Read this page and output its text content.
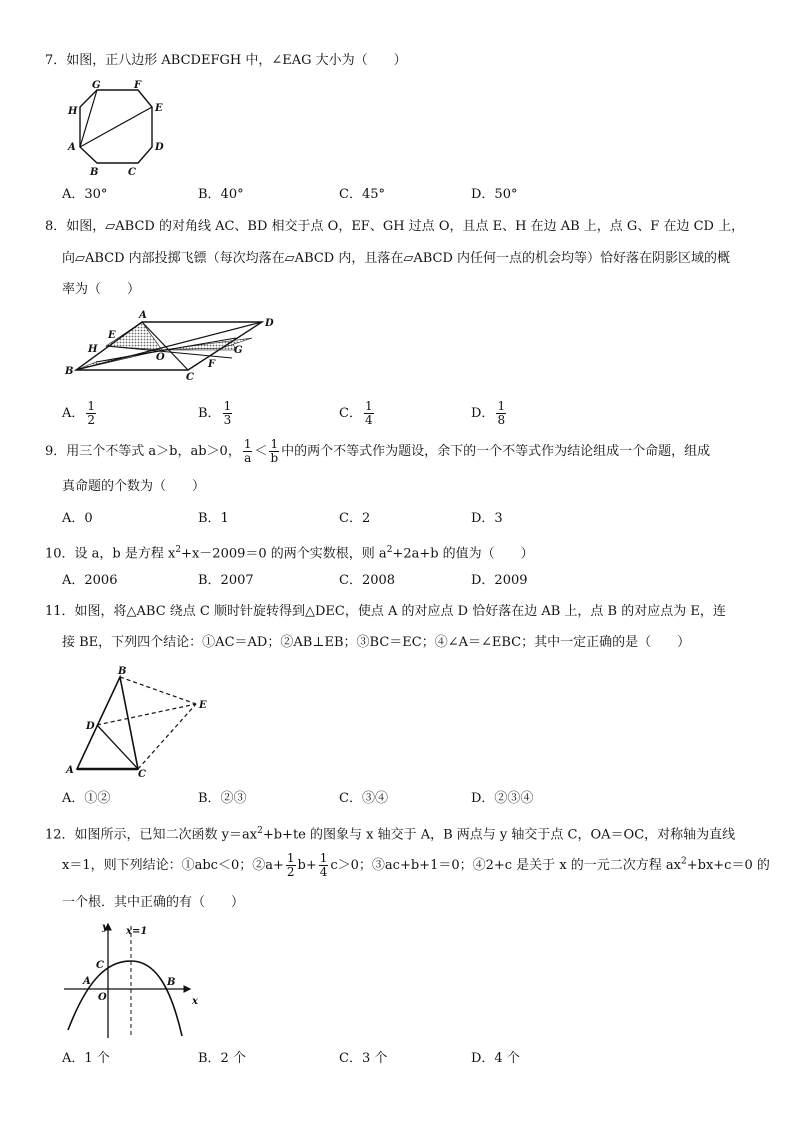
7．如图，正八边形 ABCDEFGH 中，∠EAG 大小为（　　）
G	F
E
D
C
B
A
H
A．30°	B．40°	C．45°	D．50°
8．如图，▱ABCD 的对角线 AC、BD 相交于点 O，EF、GH 过点 O，且点 E、H 在边 AB 上，点 G、F 在边 CD 上，
向▱ABCD 内部投掷飞镖（每次均落在▱ABCD 内，且落在▱ABCD 内任何一点的机会均等）恰好落在阴影区域的概
率为（　　）
A
D
E
H
O
G
F
C
B
A． $\frac{1}{2}$	B． $\frac{1}{3}$	C． $\frac{1}{4}$	D． $\frac{1}{8}$
9．用三个不等式 a＞b，ab＞0， $\frac{1}{a} < \frac{1}{b}$ 中的两个不等式作为题设，余下的一个不等式作为结论组成一个命题，组成
真命题的个数为（　　）
A．0	B．1	C．2	D．3
10．设 a，b 是方程 $x^2+x-2009=0$ 的两个实数根，则 $a^2+2a+b$ 的值为（　　）
A．2006	B．2007	C．2008	D．2009
11．如图，将△ABC 绕点 C 顺时针旋转得到△DEC，使点 A 的对应点 D 恰好落在边 AB 上，点 B 的对应点为 E，连
接 BE，下列四个结论：①AC＝AD；②AB⊥EB；③BC＝EC；④∠A＝∠EBC；其中一定正确的是（　　）
B
E
D
A	C
A．①②	B．②③	C．③④	D．②③④
12．如图所示，已知二次函数 $y=ax^2+b+te$ 的图象与 x 轴交于 A，B 两点与 y 轴交于点 C，OA＝OC，对称轴为直线
x＝1，则下列结论：①abc＜0；②a+ $\frac{1}{2} b+ \frac{1}{4} c>0$；③ac+b+1＝0；④2+c 是关于 x 的一元二次方程 $ax^2+bx+c=0$ 的
一个根．其中正确的有（　　）
y
x
x=1
C
A
O
B
A．1 个	B．2 个	C．3 个	D．4 个
